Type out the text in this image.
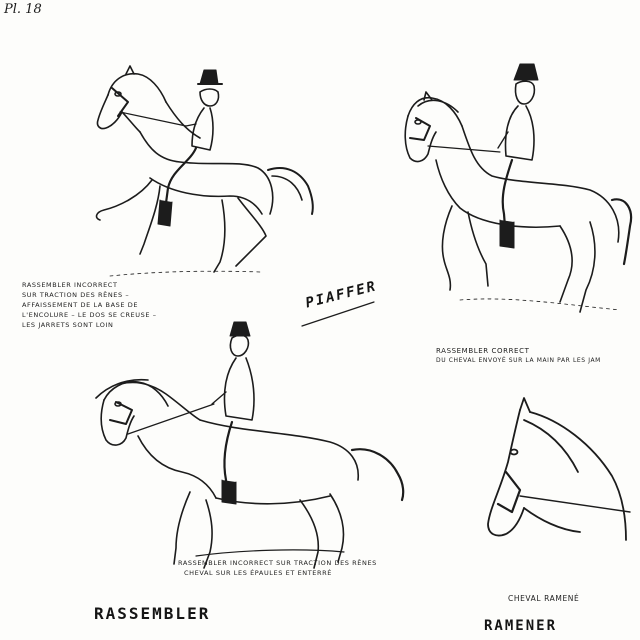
Pl. 18
RASSEMBLER INCORRECT
SUR TRACTION DES RÊNES –
AFFAISSEMENT DE LA BASE DE
L'ENCOLURE – LE DOS SE CREUSE –
LES JARRETS SONT LOIN
RASSEMBLER CORRECT
DU CHEVAL ENVOYÉ SUR LA MAIN PAR LES JAM
RASSEMBLER INCORRECT SUR TRACTION DES RÊNES
CHEVAL SUR LES ÉPAULES ET ENTERRÉ
CHEVAL RAMENÉ
PIAFFER
RASSEMBLER
RAMENER
